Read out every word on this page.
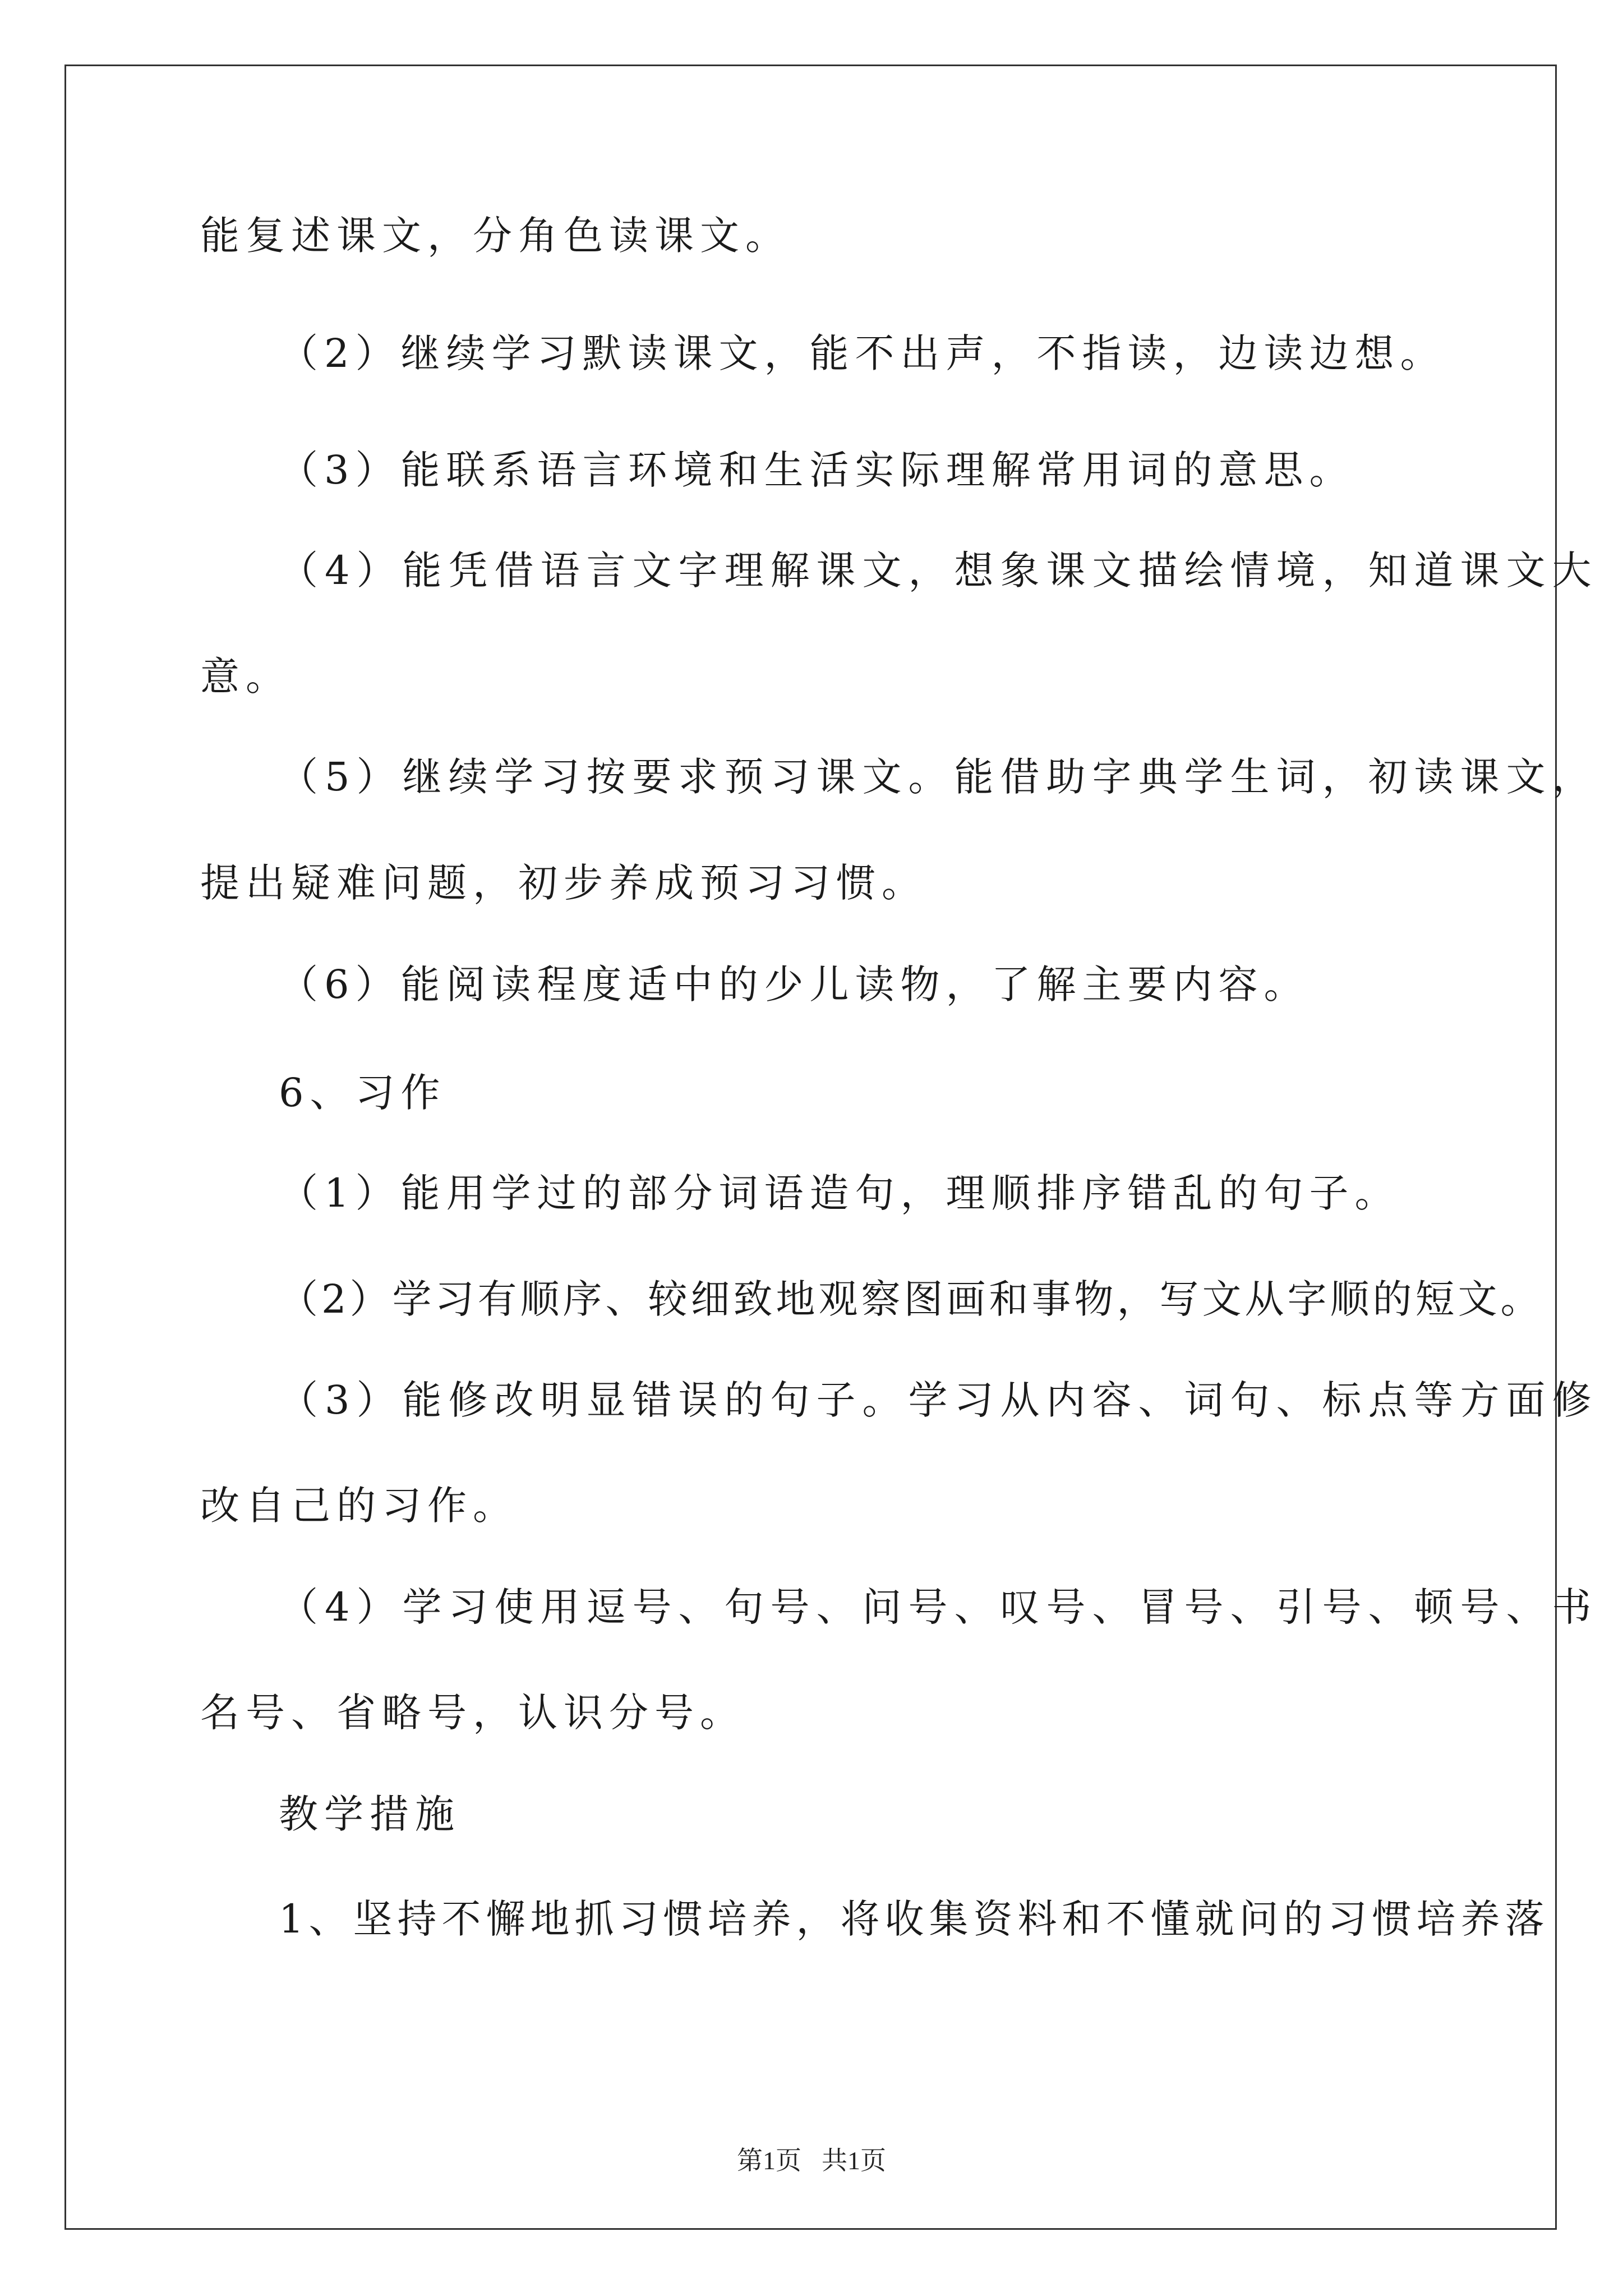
能复述课文，分角色读课文。
（2）继续学习默读课文，能不出声，不指读，边读边想。
（3）能联系语言环境和生活实际理解常用词的意思。
（4）能凭借语言文字理解课文，想象课文描绘情境，知道课文大
意。
（5）继续学习按要求预习课文。能借助字典学生词，初读课文，
提出疑难问题，初步养成预习习惯。
（6）能阅读程度适中的少儿读物，了解主要内容。
6、习作
（1）能用学过的部分词语造句，理顺排序错乱的句子。
（2）学习有顺序、较细致地观察图画和事物，写文从字顺的短文。
（3）能修改明显错误的句子。学习从内容、词句、标点等方面修
改自己的习作。
（4）学习使用逗号、句号、问号、叹号、冒号、引号、顿号、书
名号、省略号，认识分号。
教学措施
1、坚持不懈地抓习惯培养，将收集资料和不懂就问的习惯培养落
第1页 共1页
